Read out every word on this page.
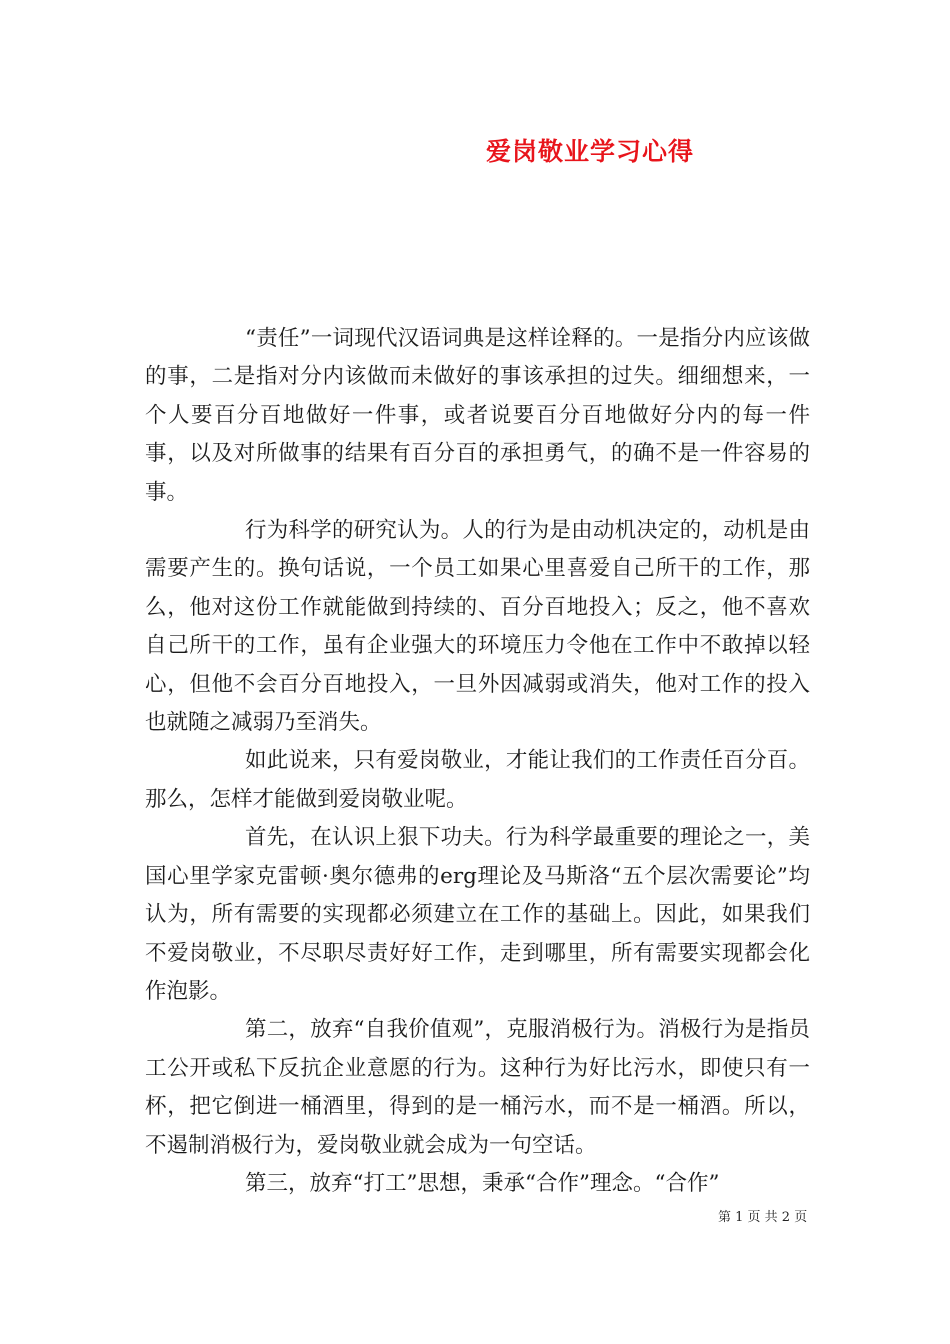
爱岗敬业学习心得

“责任”一词现代汉语词典是这样诠释的。一是指分内应该做的事，二是指对分内该做而未做好的事该承担的过失。细细想来，一个人要百分百地做好一件事，或者说要百分百地做好分内的每一件事，以及对所做事的结果有百分百的承担勇气，的确不是一件容易的事。

行为科学的研究认为。人的行为是由动机决定的，动机是由需要产生的。换句话说，一个员工如果心里喜爱自己所干的工作，那么，他对这份工作就能做到持续的、百分百地投入；反之，他不喜欢自己所干的工作，虽有企业强大的环境压力令他在工作中不敢掉以轻心，但他不会百分百地投入，一旦外因减弱或消失，他对工作的投入也就随之减弱乃至消失。

如此说来，只有爱岗敬业，才能让我们的工作责任百分百。那么，怎样才能做到爱岗敬业呢。

首先，在认识上狠下功夫。行为科学最重要的理论之一，美国心里学家克雷顿·奥尔德弗的erg理论及马斯洛“五个层次需要论”均认为，所有需要的实现都必须建立在工作的基础上。因此，如果我们不爱岗敬业，不尽职尽责好好工作，走到哪里，所有需要实现都会化作泡影。

第二，放弃“自我价值观”，克服消极行为。消极行为是指员工公开或私下反抗企业意愿的行为。这种行为好比污水，即使只有一杯，把它倒进一桶酒里，得到的是一桶污水，而不是一桶酒。所以，不遏制消极行为，爱岗敬业就会成为一句空话。

第三，放弃“打工”思想，秉承“合作”理念。“合作”

第 1 页 共 2 页
